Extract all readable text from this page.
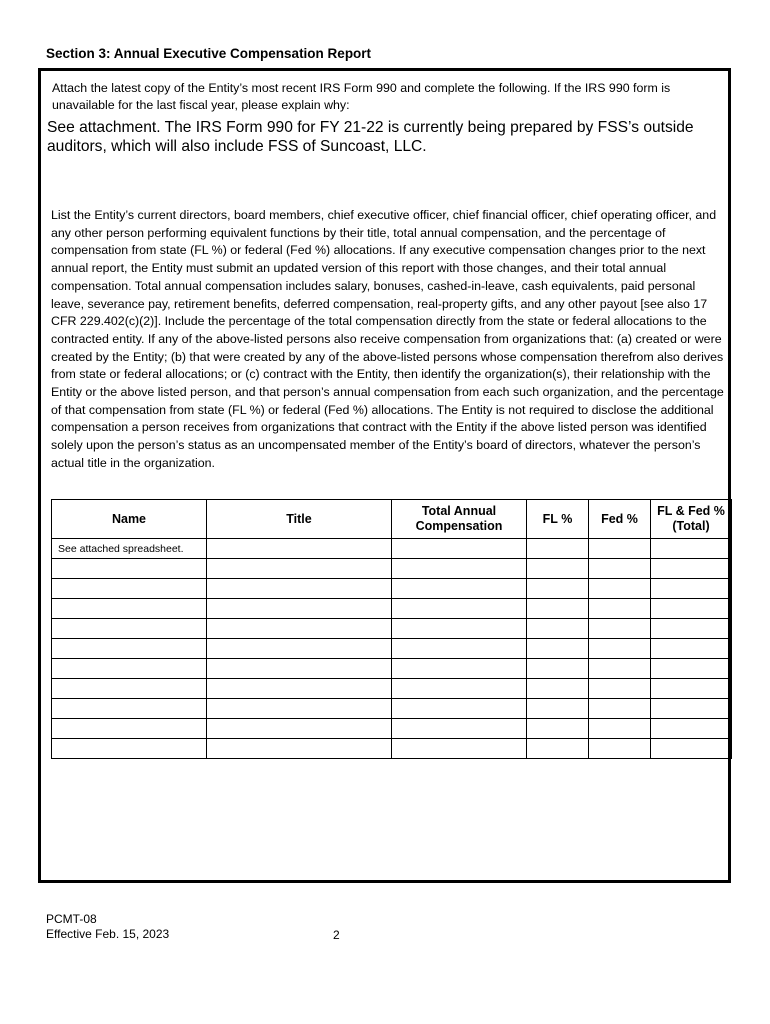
Section 3: Annual Executive Compensation Report
Attach the latest copy of the Entity’s most recent IRS Form 990 and complete the following. If the IRS 990 form is unavailable for the last fiscal year, please explain why:
See attachment. The IRS Form 990 for FY 21-22 is currently being prepared by FSS’s outside auditors, which will also include FSS of Suncoast, LLC.
List the Entity’s current directors, board members, chief executive officer, chief financial officer, chief operating officer, and any other person performing equivalent functions by their title, total annual compensation, and the percentage of compensation from state (FL %) or federal (Fed %) allocations. If any executive compensation changes prior to the next annual report, the Entity must submit an updated version of this report with those changes, and their total annual compensation. Total annual compensation includes salary, bonuses, cashed-in-leave, cash equivalents, paid personal leave, severance pay, retirement benefits, deferred compensation, real-property gifts, and any other payout [see also 17 CFR 229.402(c)(2)]. Include the percentage of the total compensation directly from the state or federal allocations to the contracted entity. If any of the above-listed persons also receive compensation from organizations that: (a) created or were created by the Entity; (b) that were created by any of the above-listed persons whose compensation therefrom also derives from state or federal allocations; or (c) contract with the Entity, then identify the organization(s), their relationship with the Entity or the above listed person, and that person’s annual compensation from each such organization, and the percentage of that compensation from state (FL %) or federal (Fed %) allocations. The Entity is not required to disclose the additional compensation a person receives from organizations that contract with the Entity if the above listed person was identified solely upon the person’s status as an uncompensated member of the Entity’s board of directors, whatever the person’s actual title in the organization.
Name	Title	Total Annual Compensation	FL %	Fed %	FL & Fed % (Total)
See attached spreadsheet.					

PCMT-08
Effective Feb. 15, 2023	2
